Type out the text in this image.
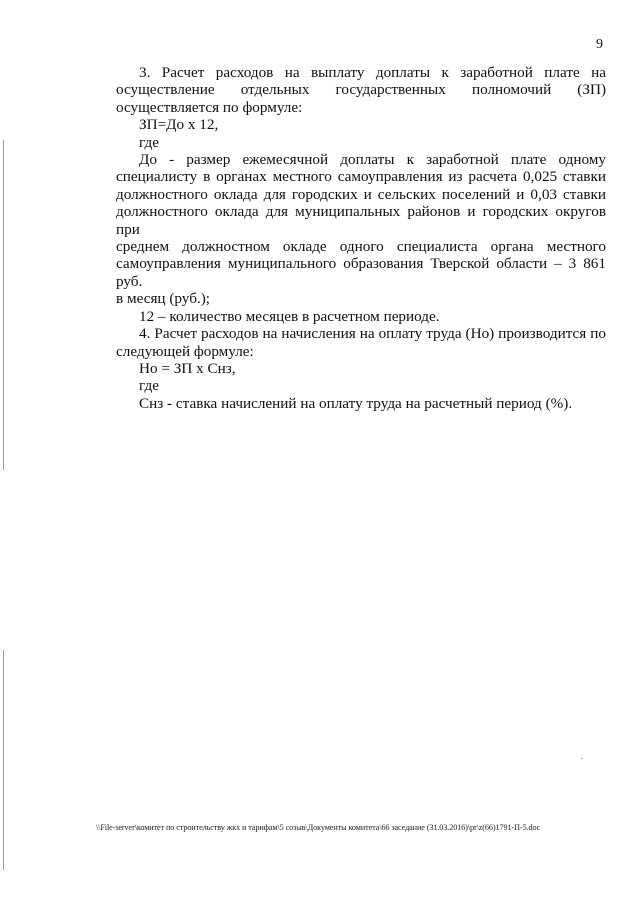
9

3. Расчет расходов на выплату доплаты к заработной плате на

осуществление отдельных государственных полномочий (ЗП)

осуществляется по формуле:

ЗП=До х 12,

где

До - размер ежемесячной доплаты к заработной плате одному

специалисту в органах местного самоуправления из расчета 0,025 ставки

должностного оклада для городских и сельских поселений и 0,03 ставки

должностного оклада для муниципальных районов и городских округов при

среднем должностном окладе одного специалиста органа местного

самоуправления муниципального образования Тверской области – 3 861 руб.

в месяц (руб.);

12 – количество месяцев в расчетном периоде.

4. Расчет расходов на начисления на оплату труда (Но) производится по

следующей формуле:

Но = ЗП х Снз,

где

Снз - ставка начислений на оплату труда на расчетный период (%).

\\File-server\комитет по строительству жкх и тарифам\5 созыв\Документы комитета\66 заседание (31.03.2016)\pr\z(66)1791-П-5.doc
